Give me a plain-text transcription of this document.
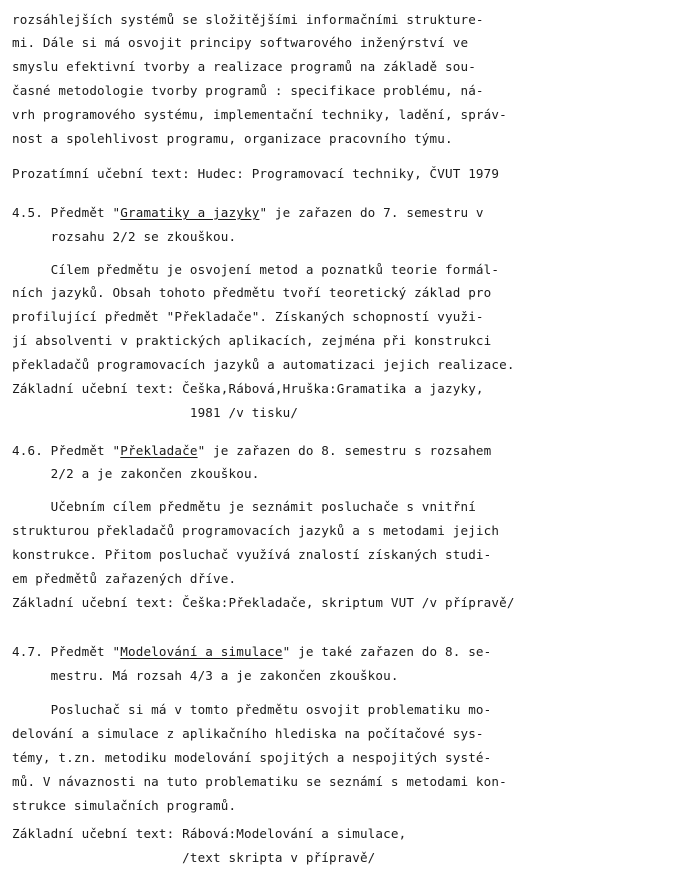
rozsáhlejších systémů se složitějšími informačními strukture-
mi. Dále si má osvojit principy softwarového inženýrství ve
smyslu efektivní tvorby a realizace programů na základě sou-
časné metodologie tvorby programů : specifikace problému, ná-
vrh programového systému, implementační techniky, ladění, správ-
nost a spolehlivost programu, organizace pracovního týmu.
Prozatímní učební text: Hudec: Programovací techniky, ČVUT 1979
4.5. Předmět "Gramatiky a jazyky" je zařazen do 7. semestru v
rozsahu 2/2 se zkouškou.
Cílem předmětu je osvojení metod a poznatků teorie formál-
ních jazyků. Obsah tohoto předmětu tvoří teoretický základ pro
profilující předmět "Překladače". Získaných schopností využi-
jí absolventi v praktických aplikacích, zejména při konstrukci
překladačů programovacích jazyků a automatizaci jejich realizace.
Základní učební text: Češka,Rábová,Hruška:Gramatika a jazyky,
1981 /v tisku/
4.6. Předmět "Překladače" je zařazen do 8. semestru s rozsahem
2/2 a je zakončen zkouškou.
Učebním cílem předmětu je seznámit posluchače s vnitřní
strukturou překladačů programovacích jazyků a s metodami jejich
konstrukce. Přitom posluchač využívá znalostí získaných studi-
em předmětů zařazených dříve.
Základní učební text: Češka:Překladače, skriptum VUT /v přípravě/
4.7. Předmět "Modelování a simulace" je také zařazen do 8. se-
mestru. Má rozsah 4/3 a je zakončen zkouškou.
Posluchač si má v tomto předmětu osvojit problematiku mo-
delování a simulace z aplikačního hlediska na počítačové sys-
témy, t.zn. metodiku modelování spojitých a nespojitých systé-
mů. V návaznosti na tuto problematiku se seznámí s metodami kon-
strukce simulačních programů.
Základní učební text: Rábová:Modelování a simulace,
/text skripta v přípravě/
